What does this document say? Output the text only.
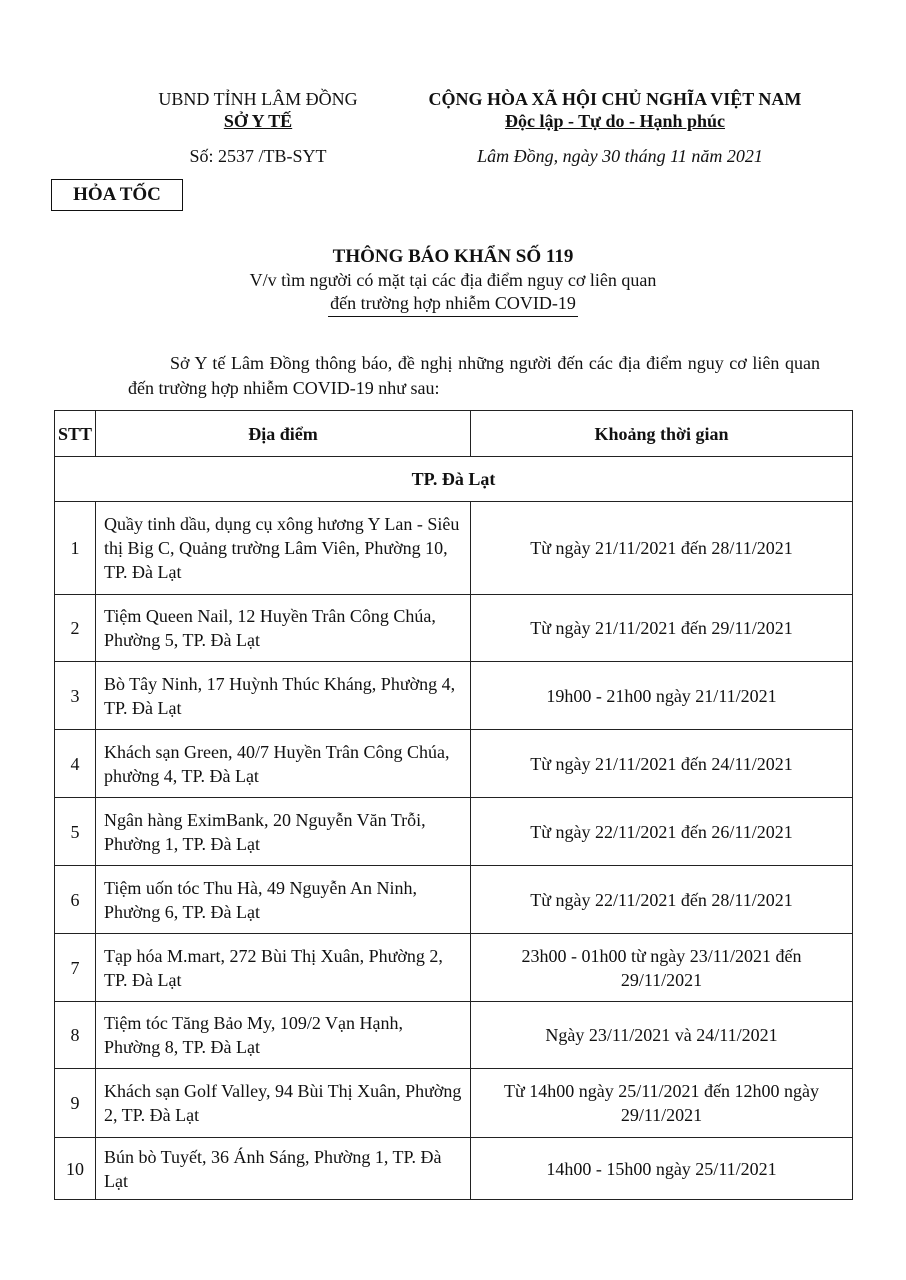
UBND TỈNH LÂM ĐỒNG
SỞ Y TẾ
Số: 2537 /TB-SYT
CỘNG HÒA XÃ HỘI CHỦ NGHĨA VIỆT NAM
Độc lập - Tự do - Hạnh phúc
Lâm Đồng, ngày 30 tháng 11 năm 2021
HỎA TỐC
THÔNG BÁO KHẨN SỐ 119
V/v tìm người có mặt tại các địa điểm nguy cơ liên quan
đến trường hợp nhiễm COVID-19
Sở Y tế Lâm Đồng thông báo, đề nghị những người đến các địa điểm nguy cơ liên quan đến trường hợp nhiễm COVID-19 như sau:
STT	Địa điểm	Khoảng thời gian
TP. Đà Lạt		
1	Quầy tinh dầu, dụng cụ xông hương Y Lan - Siêu thị Big C, Quảng trường Lâm Viên, Phường 10, TP. Đà Lạt	Từ ngày 21/11/2021 đến 28/11/2021
2	Tiệm Queen Nail, 12 Huyền Trân Công Chúa, Phường 5, TP. Đà Lạt	Từ ngày 21/11/2021 đến 29/11/2021
3	Bò Tây Ninh, 17 Huỳnh Thúc Kháng, Phường 4, TP. Đà Lạt	19h00 - 21h00 ngày 21/11/2021
4	Khách sạn Green, 40/7 Huyền Trân Công Chúa, phường 4, TP. Đà Lạt	Từ ngày 21/11/2021 đến 24/11/2021
5	Ngân hàng EximBank, 20 Nguyễn Văn Trỗi, Phường 1, TP. Đà Lạt	Từ ngày 22/11/2021 đến 26/11/2021
6	Tiệm uốn tóc Thu Hà, 49 Nguyễn An Ninh, Phường 6, TP. Đà Lạt	Từ ngày 22/11/2021 đến 28/11/2021
7	Tạp hóa M.mart, 272 Bùi Thị Xuân, Phường 2, TP. Đà Lạt	23h00 - 01h00 từ ngày 23/11/2021 đến 29/11/2021
8	Tiệm tóc Tăng Bảo My, 109/2 Vạn Hạnh, Phường 8, TP. Đà Lạt	Ngày 23/11/2021 và 24/11/2021
9	Khách sạn Golf Valley, 94 Bùi Thị Xuân, Phường 2, TP. Đà Lạt	Từ 14h00 ngày 25/11/2021 đến 12h00 ngày 29/11/2021
10	Bún bò Tuyết, 36 Ánh Sáng, Phường 1, TP. Đà Lạt	14h00 - 15h00 ngày 25/11/2021
